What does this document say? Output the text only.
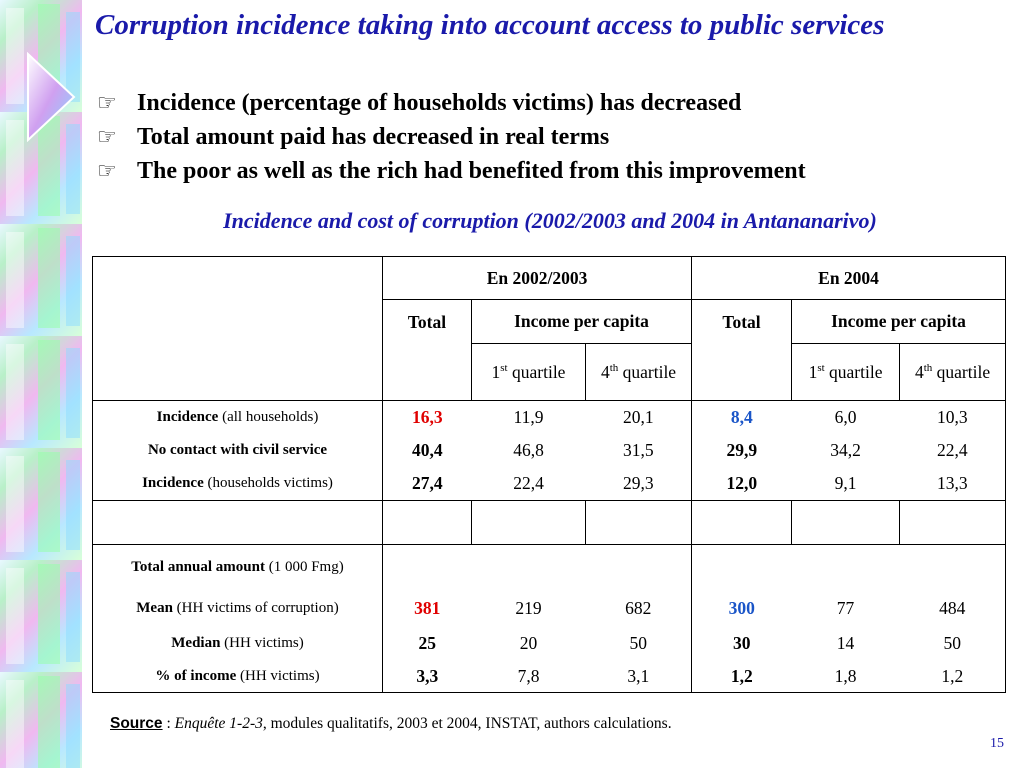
Corruption incidence taking into account access to public services
☞ Incidence (percentage of households victims) has decreased
☞ Total amount paid has decreased in real terms
☞ The poor as well as the rich had benefited from this improvement

Incidence and cost of corruption (2002/2003 and 2004 in Antananarivo)

	En 2002/2003			En 2004		
	Total	Income per capita		Total	Income per capita	
		1st quartile	4th quartile		1st quartile	4th quartile
Incidence (all households)	16,3	11,9	20,1	8,4	6,0	10,3
No contact with civil service	40,4	46,8	31,5	29,9	34,2	22,4
Incidence (households victims)	27,4	22,4	29,3	12,0	9,1	13,3

Total annual amount (1 000 Fmg)						
Mean (HH victims of corruption)	381	219	682	300	77	484
Median (HH victims)	25	20	50	30	14	50
% of income (HH victims)	3,3	7,8	3,1	1,2	1,8	1,2

Source : Enquête 1-2-3, modules qualitatifs, 2003 et 2004, INSTAT, authors calculations.

15
